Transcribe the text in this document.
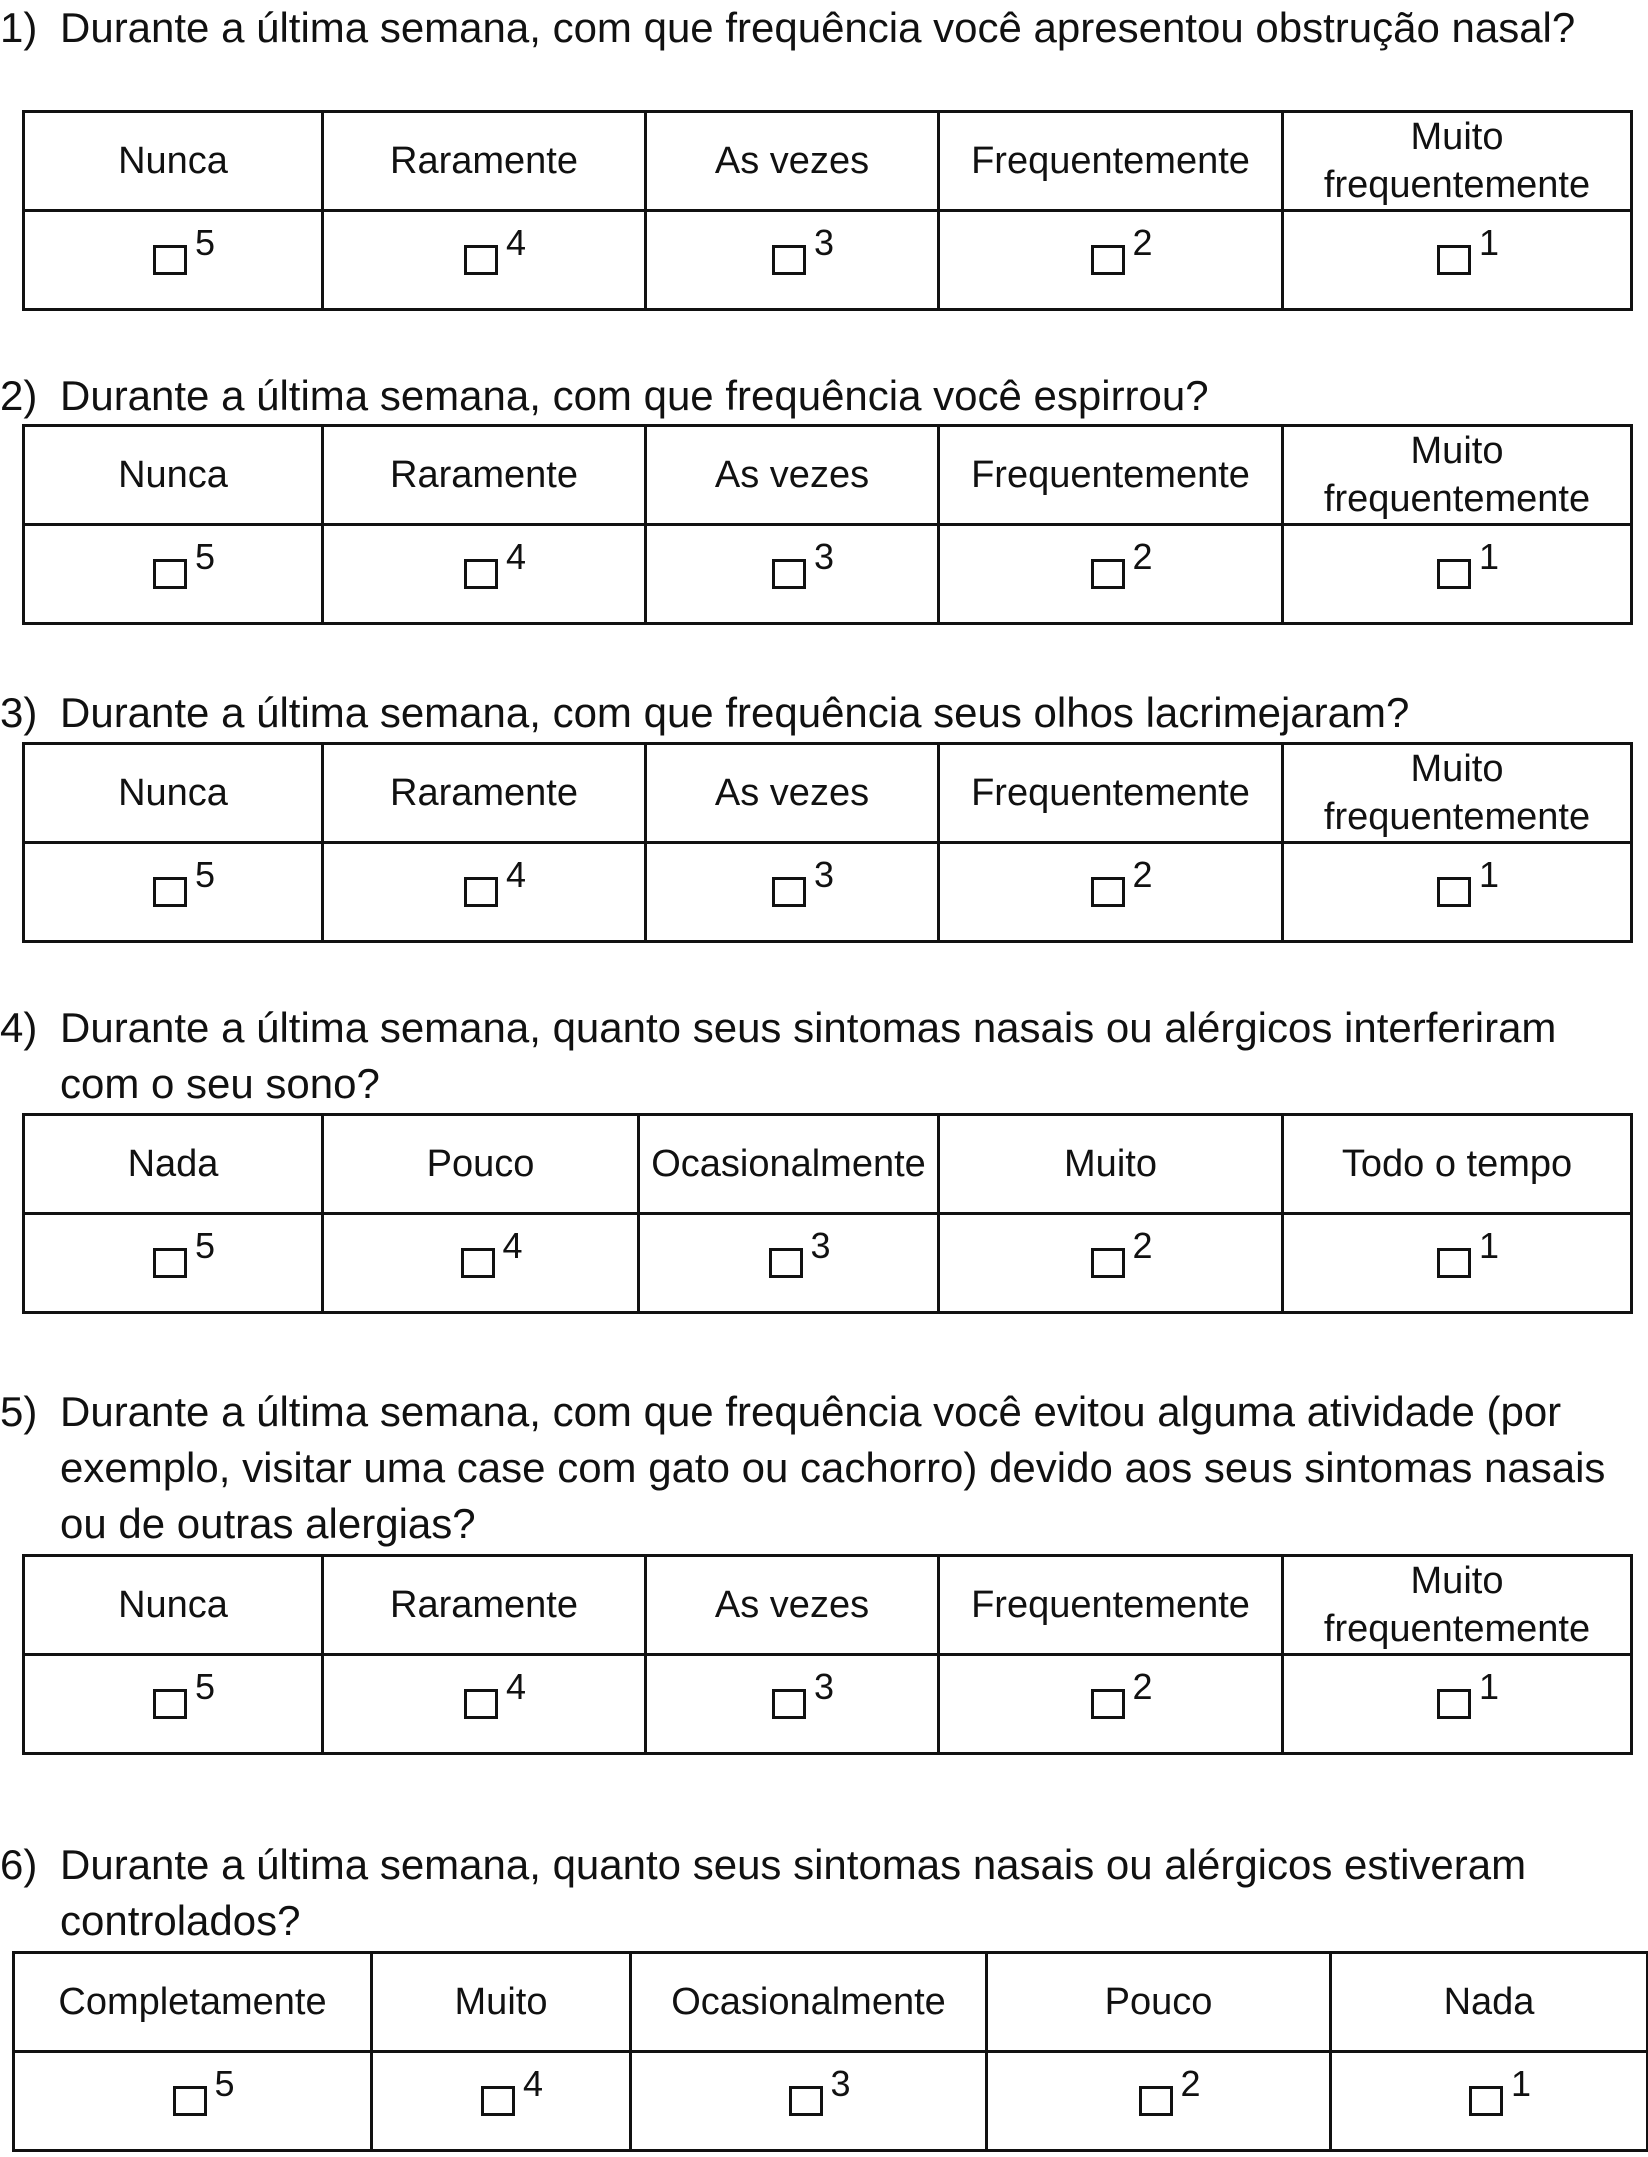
1) Durante a última semana, com que frequência você apresentou obstrução nasal?
Nunca	Raramente	As vezes	Frequentemente	Muito frequentemente

5	4	3	2	1
2) Durante a última semana, com que frequência você espirrou?
Nunca	Raramente	As vezes	Frequentemente	Muito frequentemente

5	4	3	2	1
3) Durante a última semana, com que frequência seus olhos lacrimejaram?
Nunca	Raramente	As vezes	Frequentemente	Muito frequentemente

5	4	3	2	1
4) Durante a última semana, quanto seus sintomas nasais ou alérgicos interferiram com o seu sono?
Nada	Pouco	Ocasionalmente	Muito	Todo o tempo

5	4	3	2	1
5) Durante a última semana, com que frequência você evitou alguma atividade (por exemplo, visitar uma case com gato ou cachorro) devido aos seus sintomas nasais ou de outras alergias?
Nunca	Raramente	As vezes	Frequentemente	Muito frequentemente

5	4	3	2	1
6) Durante a última semana, quanto seus sintomas nasais ou alérgicos estiveram controlados?
Completamente	Muito	Ocasionalmente	Pouco	Nada

5	4	3	2	1
